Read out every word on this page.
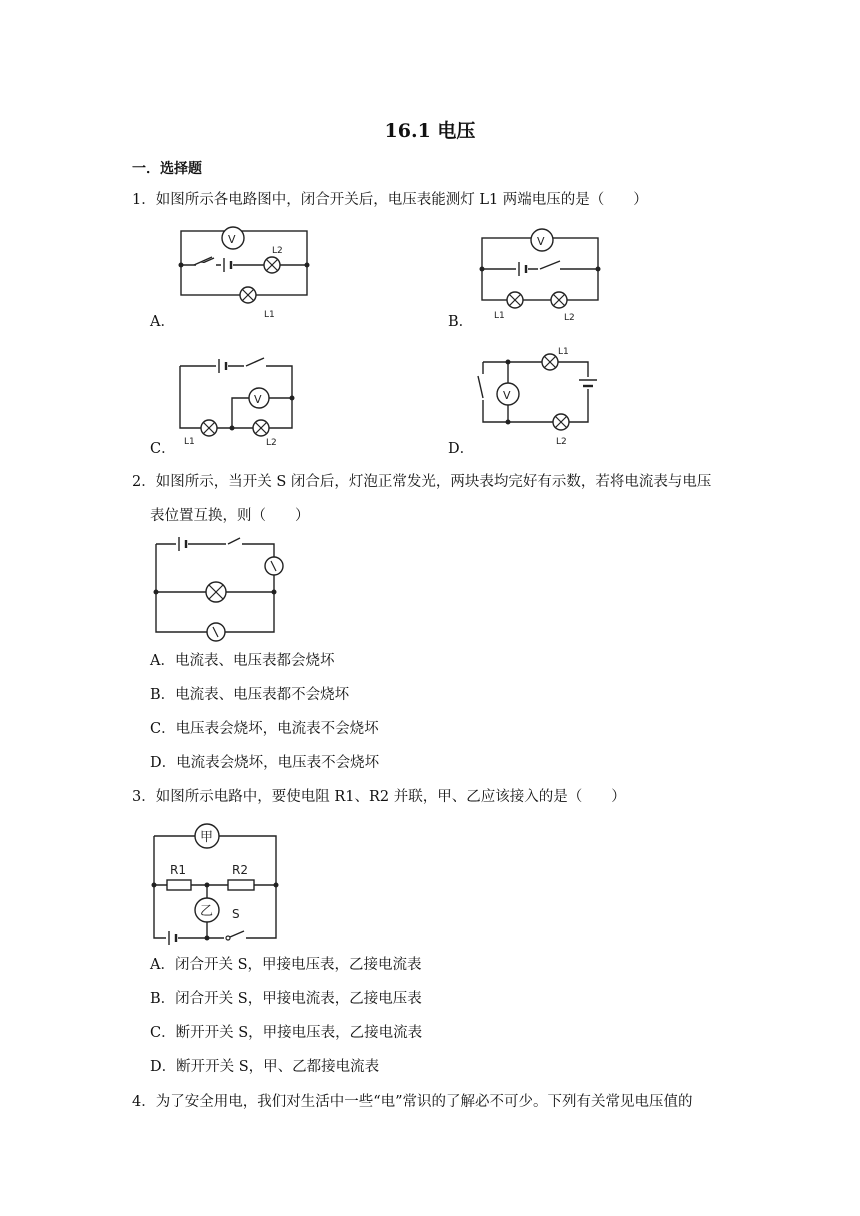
16.1 电压
一．选择题
1．如图所示各电路图中，闭合开关后，电压表能测灯 L1 两端电压的是（　　）
A．	B．
C．	D．
V
L2
L1
V
L1	L2
V
L1	L2
V
L1
L2
2．如图所示，当开关 S 闭合后，灯泡正常发光，两块表均完好有示数，若将电流表与电压
表位置互换，则（　　）
A．电流表、电压表都会烧坏
B．电流表、电压表都不会烧坏
C．电压表会烧坏，电流表不会烧坏
D．电流表会烧坏，电压表不会烧坏
3．如图所示电路中，要使电阻 R1、R2 并联，甲、乙应该接入的是（　　）
甲
R1	R2
乙 S
A．闭合开关 S，甲接电压表，乙接电流表
B．闭合开关 S，甲接电流表，乙接电压表
C．断开开关 S，甲接电压表，乙接电流表
D．断开开关 S，甲、乙都接电流表
4．为了安全用电，我们对生活中一些“电”常识的了解必不可少。下列有关常见电压值的
